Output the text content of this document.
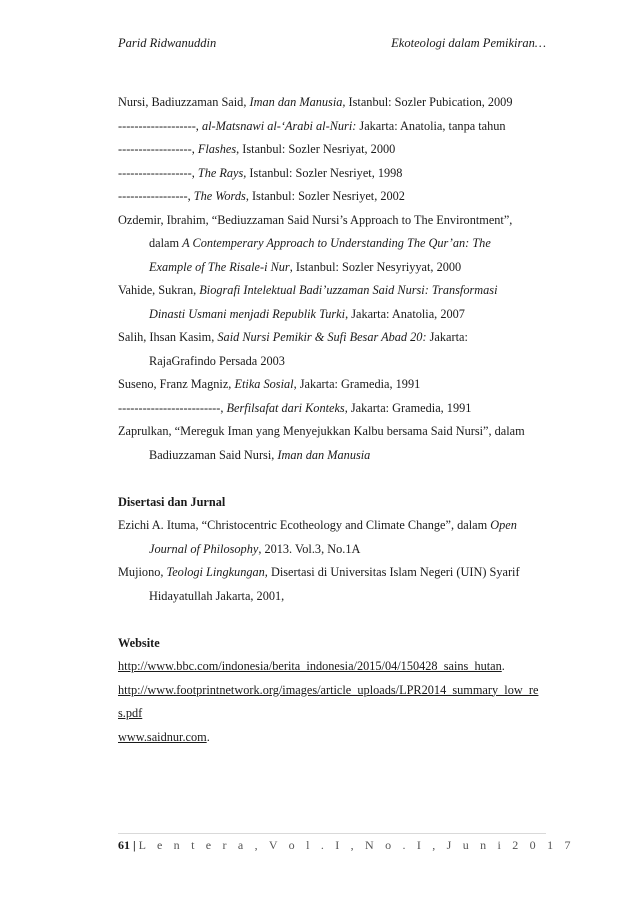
Parid Ridwanuddin	Ekoteologi dalam Pemikiran…
Nursi, Badiuzzaman Said, Iman dan Manusia, Istanbul: Sozler Pubication, 2009
-------------------, al-Matsnawi al-‘Arabi al-Nuri: Jakarta: Anatolia, tanpa tahun
------------------, Flashes, Istanbul: Sozler Nesriyat, 2000
------------------, The Rays, Istanbul: Sozler Nesriyet, 1998
-----------------, The Words, Istanbul: Sozler Nesriyet, 2002
Ozdemir, Ibrahim, “Bediuzzaman Said Nursi’s Approach to The Environtment”,
dalam A Contemperary Approach to Understanding The Qur’an: The
Example of The Risale-i Nur, Istanbul: Sozler Nesyriyyat, 2000
Vahide, Sukran, Biografi Intelektual Badi’uzzaman Said Nursi: Transformasi
Dinasti Usmani menjadi Republik Turki, Jakarta: Anatolia, 2007
Salih, Ihsan Kasim, Said Nursi Pemikir & Sufi Besar Abad 20: Jakarta:
RajaGrafindo Persada 2003
Suseno, Franz Magniz, Etika Sosial, Jakarta: Gramedia, 1991
-------------------------, Berfilsafat dari Konteks, Jakarta: Gramedia, 1991
Zaprulkan, “Mereguk Iman yang Menyejukkan Kalbu bersama Said Nursi”, dalam
Badiuzzaman Said Nursi, Iman dan Manusia
Disertasi dan Jurnal
Ezichi A. Ituma, “Christocentric Ecotheology and Climate Change”, dalam Open
Journal of Philosophy, 2013. Vol.3, No.1A
Mujiono, Teologi Lingkungan, Disertasi di Universitas Islam Negeri (UIN) Syarif
Hidayatullah Jakarta, 2001,
Website
http://www.bbc.com/indonesia/berita_indonesia/2015/04/150428_sains_hutan.
http://www.footprintnetwork.org/images/article_uploads/LPR2014_summary_low_res.pdf
www.saidnur.com.
61 | L e n t e r a , V o l . I , N o . I , J u n i 2 0 1 7
